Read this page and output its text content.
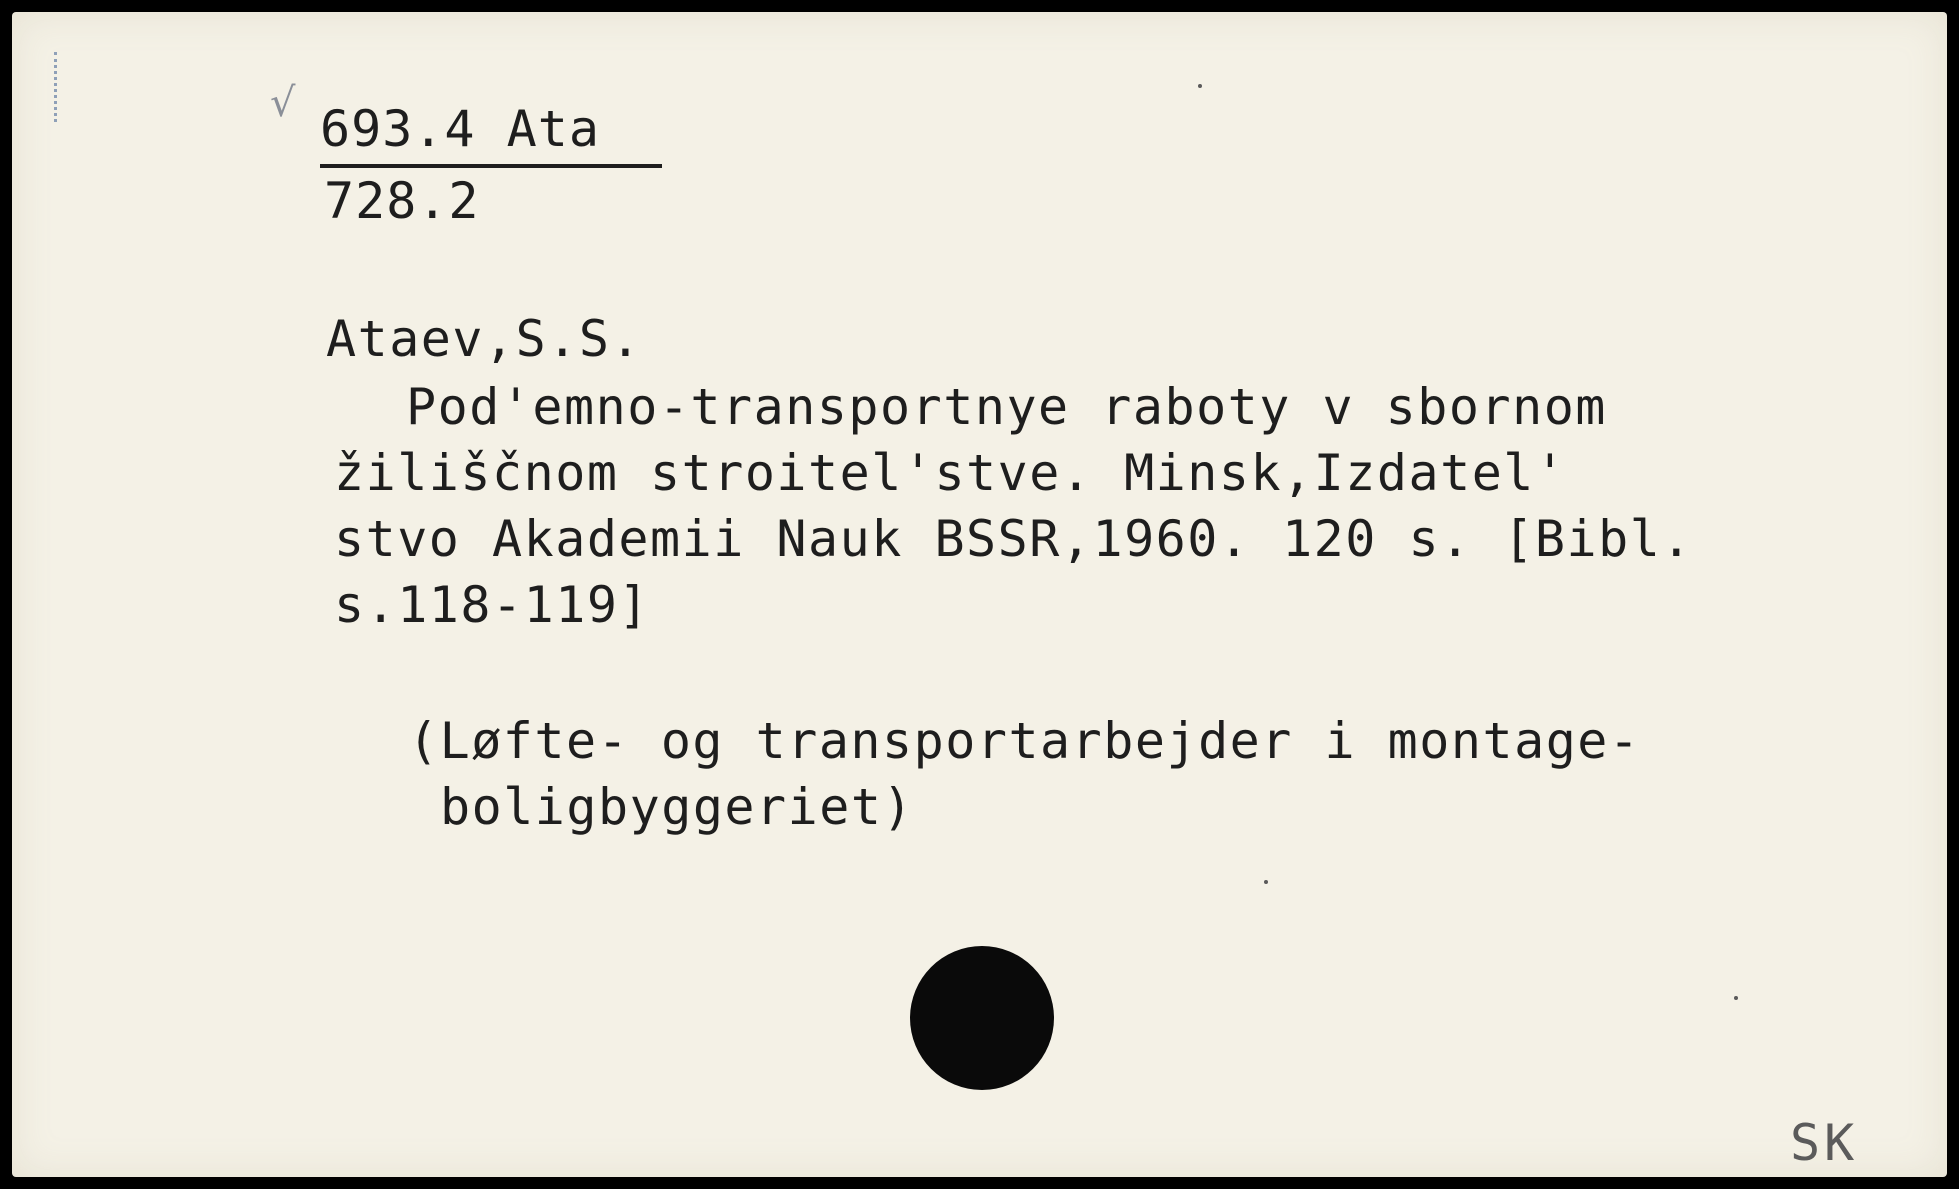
√ 693.4 Ata
728.2
Ataev,S.S.
Pod'emno-transportnye raboty v sbornom
žiliščnom stroitel'stve. Minsk,Izdatel'
stvo Akademii Nauk BSSR,1960. 120 s. [Bibl.
s.118-119]
(Løfte- og transportarbejder i montage-
boligbyggeriet)
SK
